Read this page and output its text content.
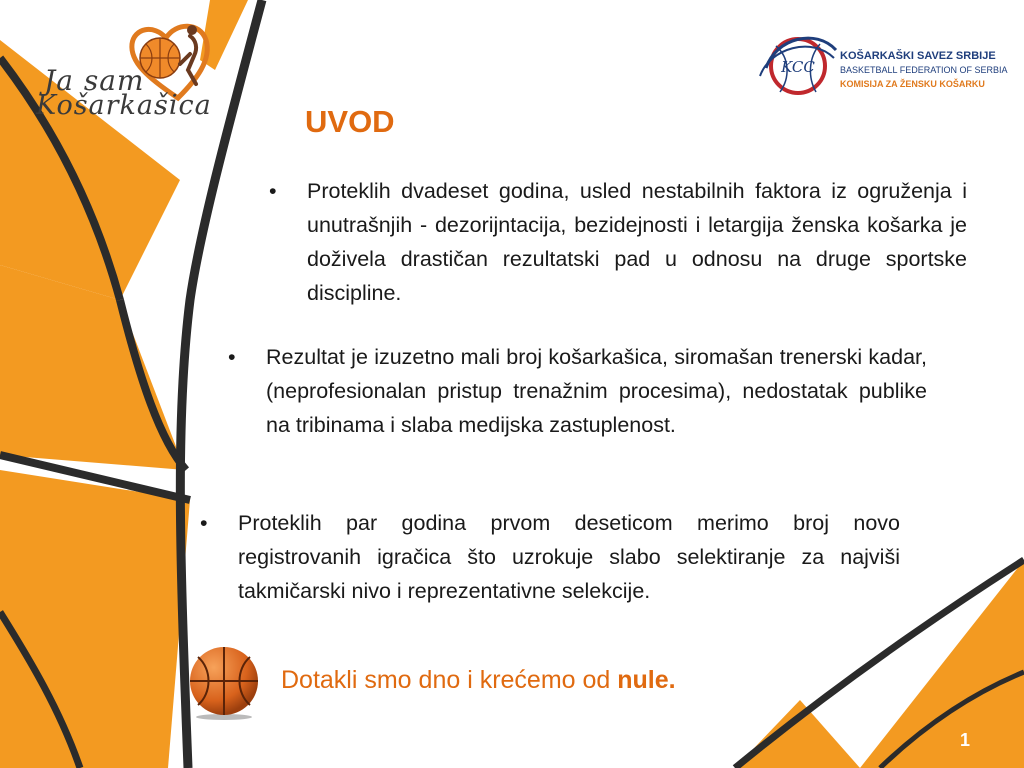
Ja sam
Košarkašica
KCC
KOŠARKAŠKI SAVEZ SRBIJE
BASKETBALL FEDERATION OF SERBIA
KOMISIJA ZA ŽENSKU KOŠARKU
UVOD
• Proteklih dvadeset godina, usled nestabilnih faktora iz ogruženja i unutrašnjih - dezorijntacija, bezidejnosti i letargija ženska košarka je doživela drastičan rezultatski pad u odnosu na druge sportske discipline.
• Rezultat je izuzetno mali broj košarkašica, siromašan trenerski kadar, (neprofesionalan pristup trenažnim procesima), nedostatak publike na tribinama i slaba medijska zastuplenost.
• Proteklih par godina prvom deseticom merimo broj novo registrovanih igračica što uzrokuje slabo selektiranje za najviši takmičarski nivo i reprezentativne selekcije.
Dotakli smo dno i krećemo od nule.
1
